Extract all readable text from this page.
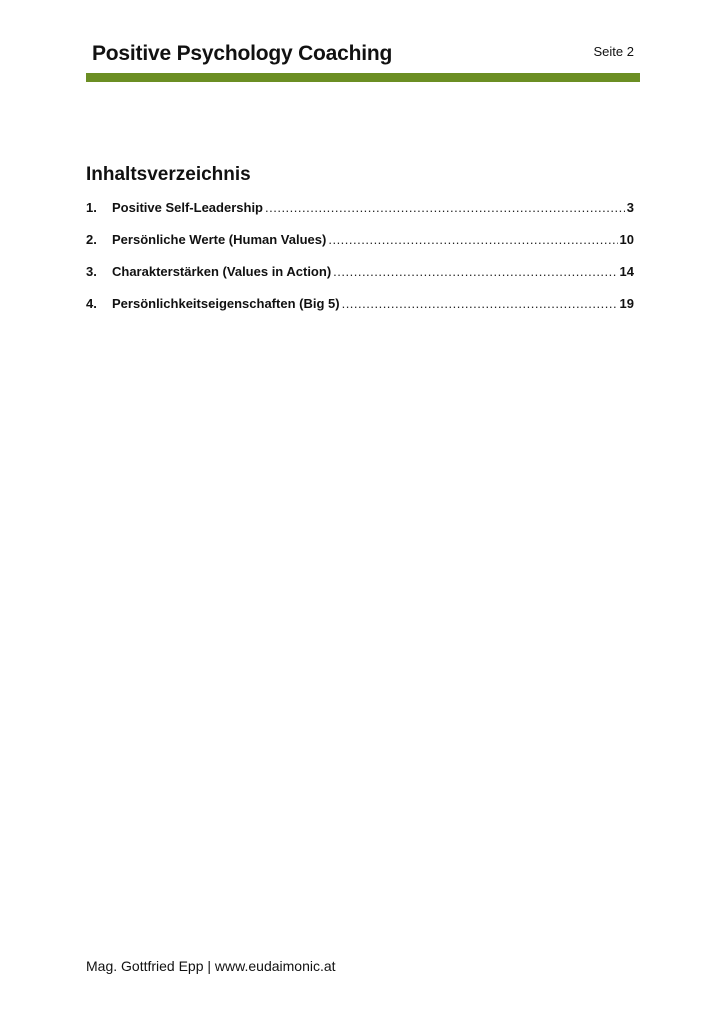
Positive Psychology Coaching	Seite 2
Inhaltsverzeichnis
1.	Positive Self-Leadership .....	3
2.	Persönliche Werte (Human Values) .....	10
3.	Charakterstärken (Values in Action) .....	14
4.	Persönlichkeitseigenschaften (Big 5) .....	19
Mag. Gottfried Epp | www.eudaimonic.at
